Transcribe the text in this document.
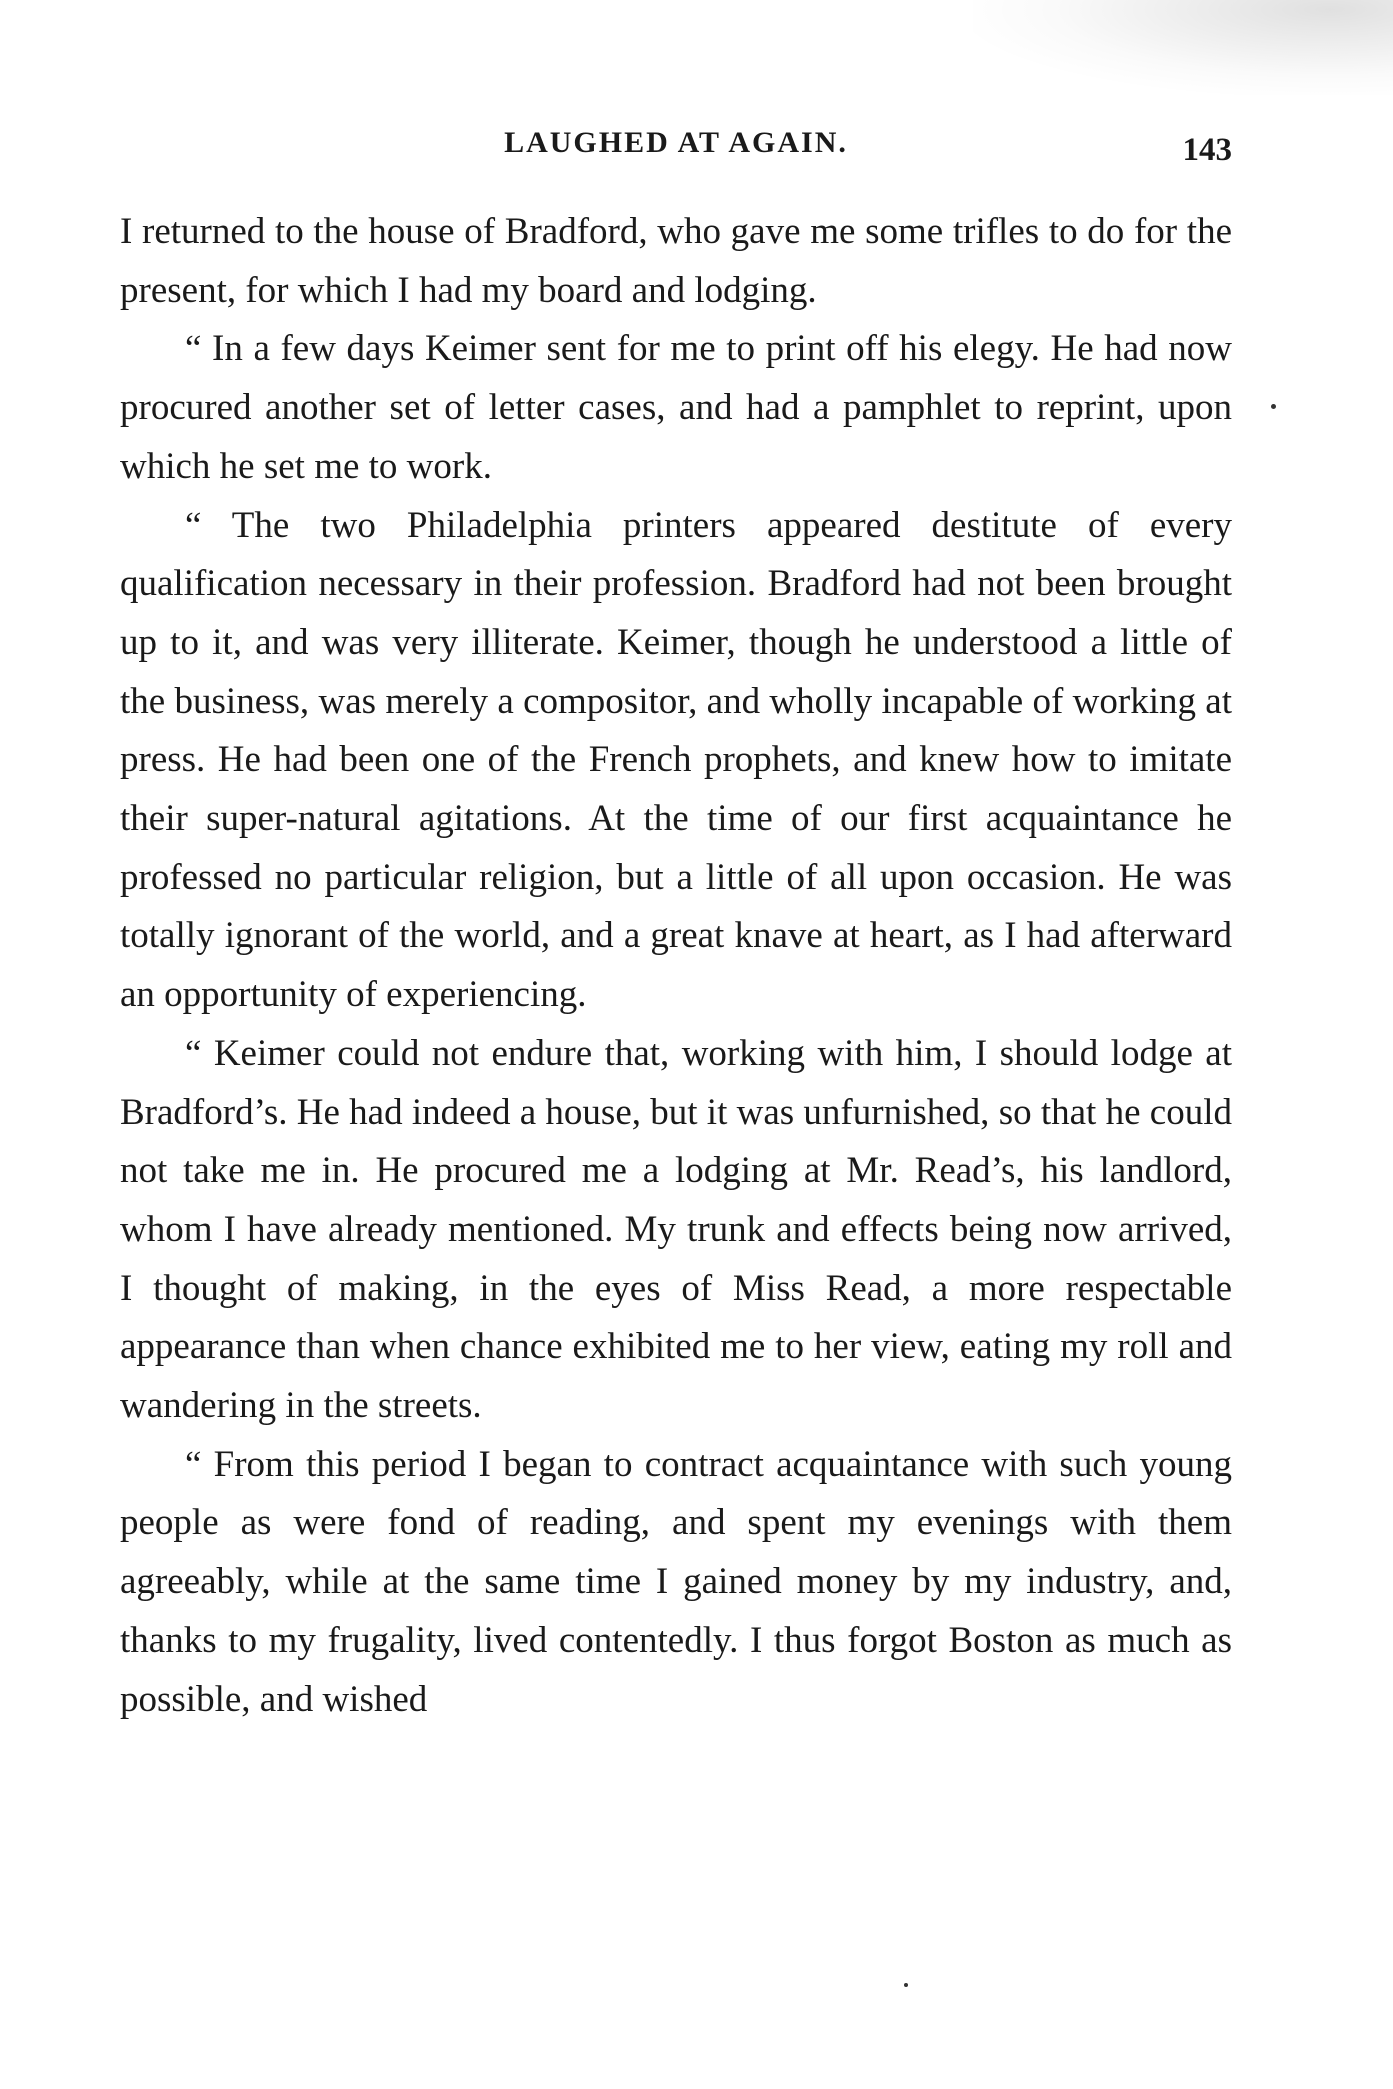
LAUGHED AT AGAIN.	143

I returned to the house of Bradford, who gave me some trifles to do for the present, for which I had my board and lodging.

“ In a few days Keimer sent for me to print off his elegy. He had now procured another set of letter cases, and had a pamphlet to reprint, upon which he set me to work.

“ The two Philadelphia printers appeared destitute of every qualification necessary in their profession. Bradford had not been brought up to it, and was very illiterate. Keimer, though he understood a little of the business, was merely a compositor, and wholly incapable of working at press. He had been one of the French prophets, and knew how to imitate their super-natural agitations. At the time of our first acquaintance he professed no particular religion, but a little of all upon occasion. He was totally ignorant of the world, and a great knave at heart, as I had afterward an opportunity of experiencing.

“ Keimer could not endure that, working with him, I should lodge at Bradford’s. He had indeed a house, but it was unfurnished, so that he could not take me in. He procured me a lodging at Mr. Read’s, his landlord, whom I have already mentioned. My trunk and effects being now arrived, I thought of making, in the eyes of Miss Read, a more respectable appearance than when chance exhibited me to her view, eating my roll and wandering in the streets.

“ From this period I began to contract acquaintance with such young people as were fond of reading, and spent my evenings with them agreeably, while at the same time I gained money by my industry, and, thanks to my frugality, lived contentedly. I thus forgot Boston as much as possible, and wished
